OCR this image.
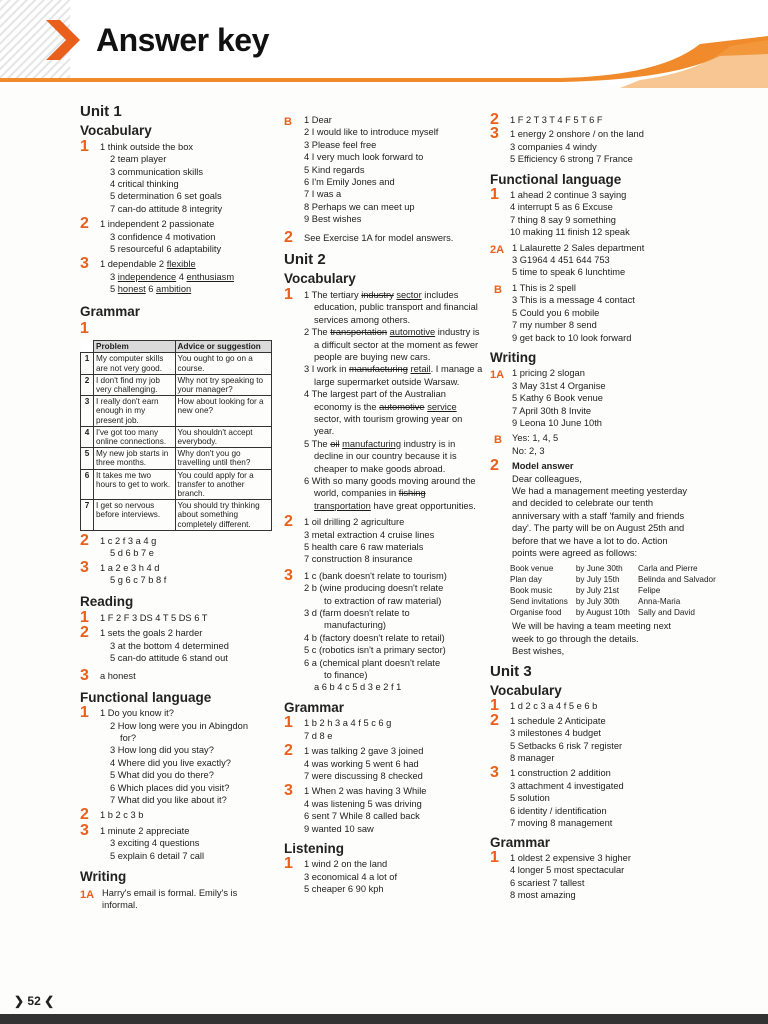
Answer key
Unit 1
Vocabulary
1 1 think outside the box
2 team player
3 communication skills
4 critical thinking
5 determination 6 set goals
7 can-do attitude 8 integrity
2 1 independent 2 passionate
3 confidence 4 motivation
5 resourceful 6 adaptability
3 1 dependable 2 flexible
3 independence 4 enthusiasm
5 honest 6 ambition
Grammar
1
	Problem	Advice or suggestion
1	My computer skills are not very good.	You ought to go on a course.
2	I don't find my job very challenging.	Why not try speaking to your manager?
3	I really don't earn enough in my present job.	How about looking for a new one?
4	I've got too many online connections.	You shouldn't accept everybody.
5	My new job starts in three months.	Why don't you go travelling until then?
6	It takes me two hours to get to work.	You could apply for a transfer to another branch.
7	I get so nervous before interviews.	You should try thinking about something completely different.
2 1 c 2 f 3 a 4 g
5 d 6 b 7 e
3 1 a 2 e 3 h 4 d
5 g 6 c 7 b 8 f
Reading
1 1 F 2 F 3 DS 4 T 5 DS 6 T
2 1 sets the goals 2 harder
3 at the bottom 4 determined
5 can-do attitude 6 stand out
3 a honest
Functional language
1 1 Do you know it?
2 How long were you in Abingdon
for?
3 How long did you stay?
4 Where did you live exactly?
5 What did you do there?
6 Which places did you visit?
7 What did you like about it?
2 1 b 2 c 3 b
3 1 minute 2 appreciate
3 exciting 4 questions
5 explain 6 detail 7 call
Writing
1A Harry's email is formal. Emily's is
informal.
B 1 Dear
2 I would like to introduce myself
3 Please feel free
4 I very much look forward to
5 Kind regards
6 I'm Emily Jones and
7 I was a
8 Perhaps we can meet up
9 Best wishes
2 See Exercise 1A for model answers.
Unit 2
Vocabulary
1 1 The tertiary industry sector includes education, public transport and financial services among others.
2 The transportation automotive industry is a difficult sector at the moment as fewer people are buying new cars.
3 I work in manufacturing retail. I manage a large supermarket outside Warsaw.
4 The largest part of the Australian economy is the automotive service sector, with tourism growing year on year.
5 The oil manufacturing industry is in decline in our country because it is cheaper to make goods abroad.
6 With so many goods moving around the world, companies in fishing transportation have great opportunities.
2 1 oil drilling 2 agriculture
3 metal extraction 4 cruise lines
5 health care 6 raw materials
7 construction 8 insurance
3 1 c (bank doesn't relate to tourism)
2 b (wine producing doesn't relate
to extraction of raw material)
3 d (farm doesn't relate to
manufacturing)
4 b (factory doesn't relate to retail)
5 c (robotics isn't a primary sector)
6 a (chemical plant doesn't relate
to finance)
a 6 b 4 c 5 d 3 e 2 f 1
Grammar
1 1 b 2 h 3 a 4 f 5 c 6 g
7 d 8 e
2 1 was talking 2 gave 3 joined
4 was working 5 went 6 had
7 were discussing 8 checked
3 1 When 2 was having 3 While
4 was listening 5 was driving
6 sent 7 While 8 called back
9 wanted 10 saw
Listening
1 1 wind 2 on the land
3 economical 4 a lot of
5 cheaper 6 90 kph
2 1 F 2 T 3 T 4 F 5 T 6 F
3 1 energy 2 onshore / on the land
3 companies 4 windy
5 Efficiency 6 strong 7 France
Functional language
1 1 ahead 2 continue 3 saying
4 interrupt 5 as 6 Excuse
7 thing 8 say 9 something
10 making 11 finish 12 speak
2A 1 Lalaurette 2 Sales department
3 G1964 4 451 644 753
5 time to speak 6 lunchtime
B 1 This is 2 spell
3 This is a message 4 contact
5 Could you 6 mobile
7 my number 8 send
9 get back to 10 look forward
Writing
1A 1 pricing 2 slogan
3 May 31st 4 Organise
5 Kathy 6 Book venue
7 April 30th 8 Invite
9 Leona 10 June 10th
B Yes: 1, 4, 5
No: 2, 3
2 Model answer
Dear colleagues,
We had a management meeting yesterday and decided to celebrate our tenth anniversary with a staff 'family and friends day'. The party will be on August 25th and before that we have a lot to do. Action points were agreed as follows:
Book venue	by June 30th	Carla and Pierre
Plan day	by July 15th	Belinda and Salvador
Book music	by July 21st	Felipe
Send invitations	by July 30th	Anna-Maria
Organise food	by August 10th	Sally and David
We will be having a team meeting next week to go through the details.
Best wishes,
Unit 3
Vocabulary
1 1 d 2 c 3 a 4 f 5 e 6 b
2 1 schedule 2 Anticipate
3 milestones 4 budget
5 Setbacks 6 risk 7 register
8 manager
3 1 construction 2 addition
3 attachment 4 investigated
5 solution
6 identity / identification
7 moving 8 management
Grammar
1 1 oldest 2 expensive 3 higher
4 longer 5 most spectacular
6 scariest 7 tallest
8 most amazing
❯ 52 ❮
